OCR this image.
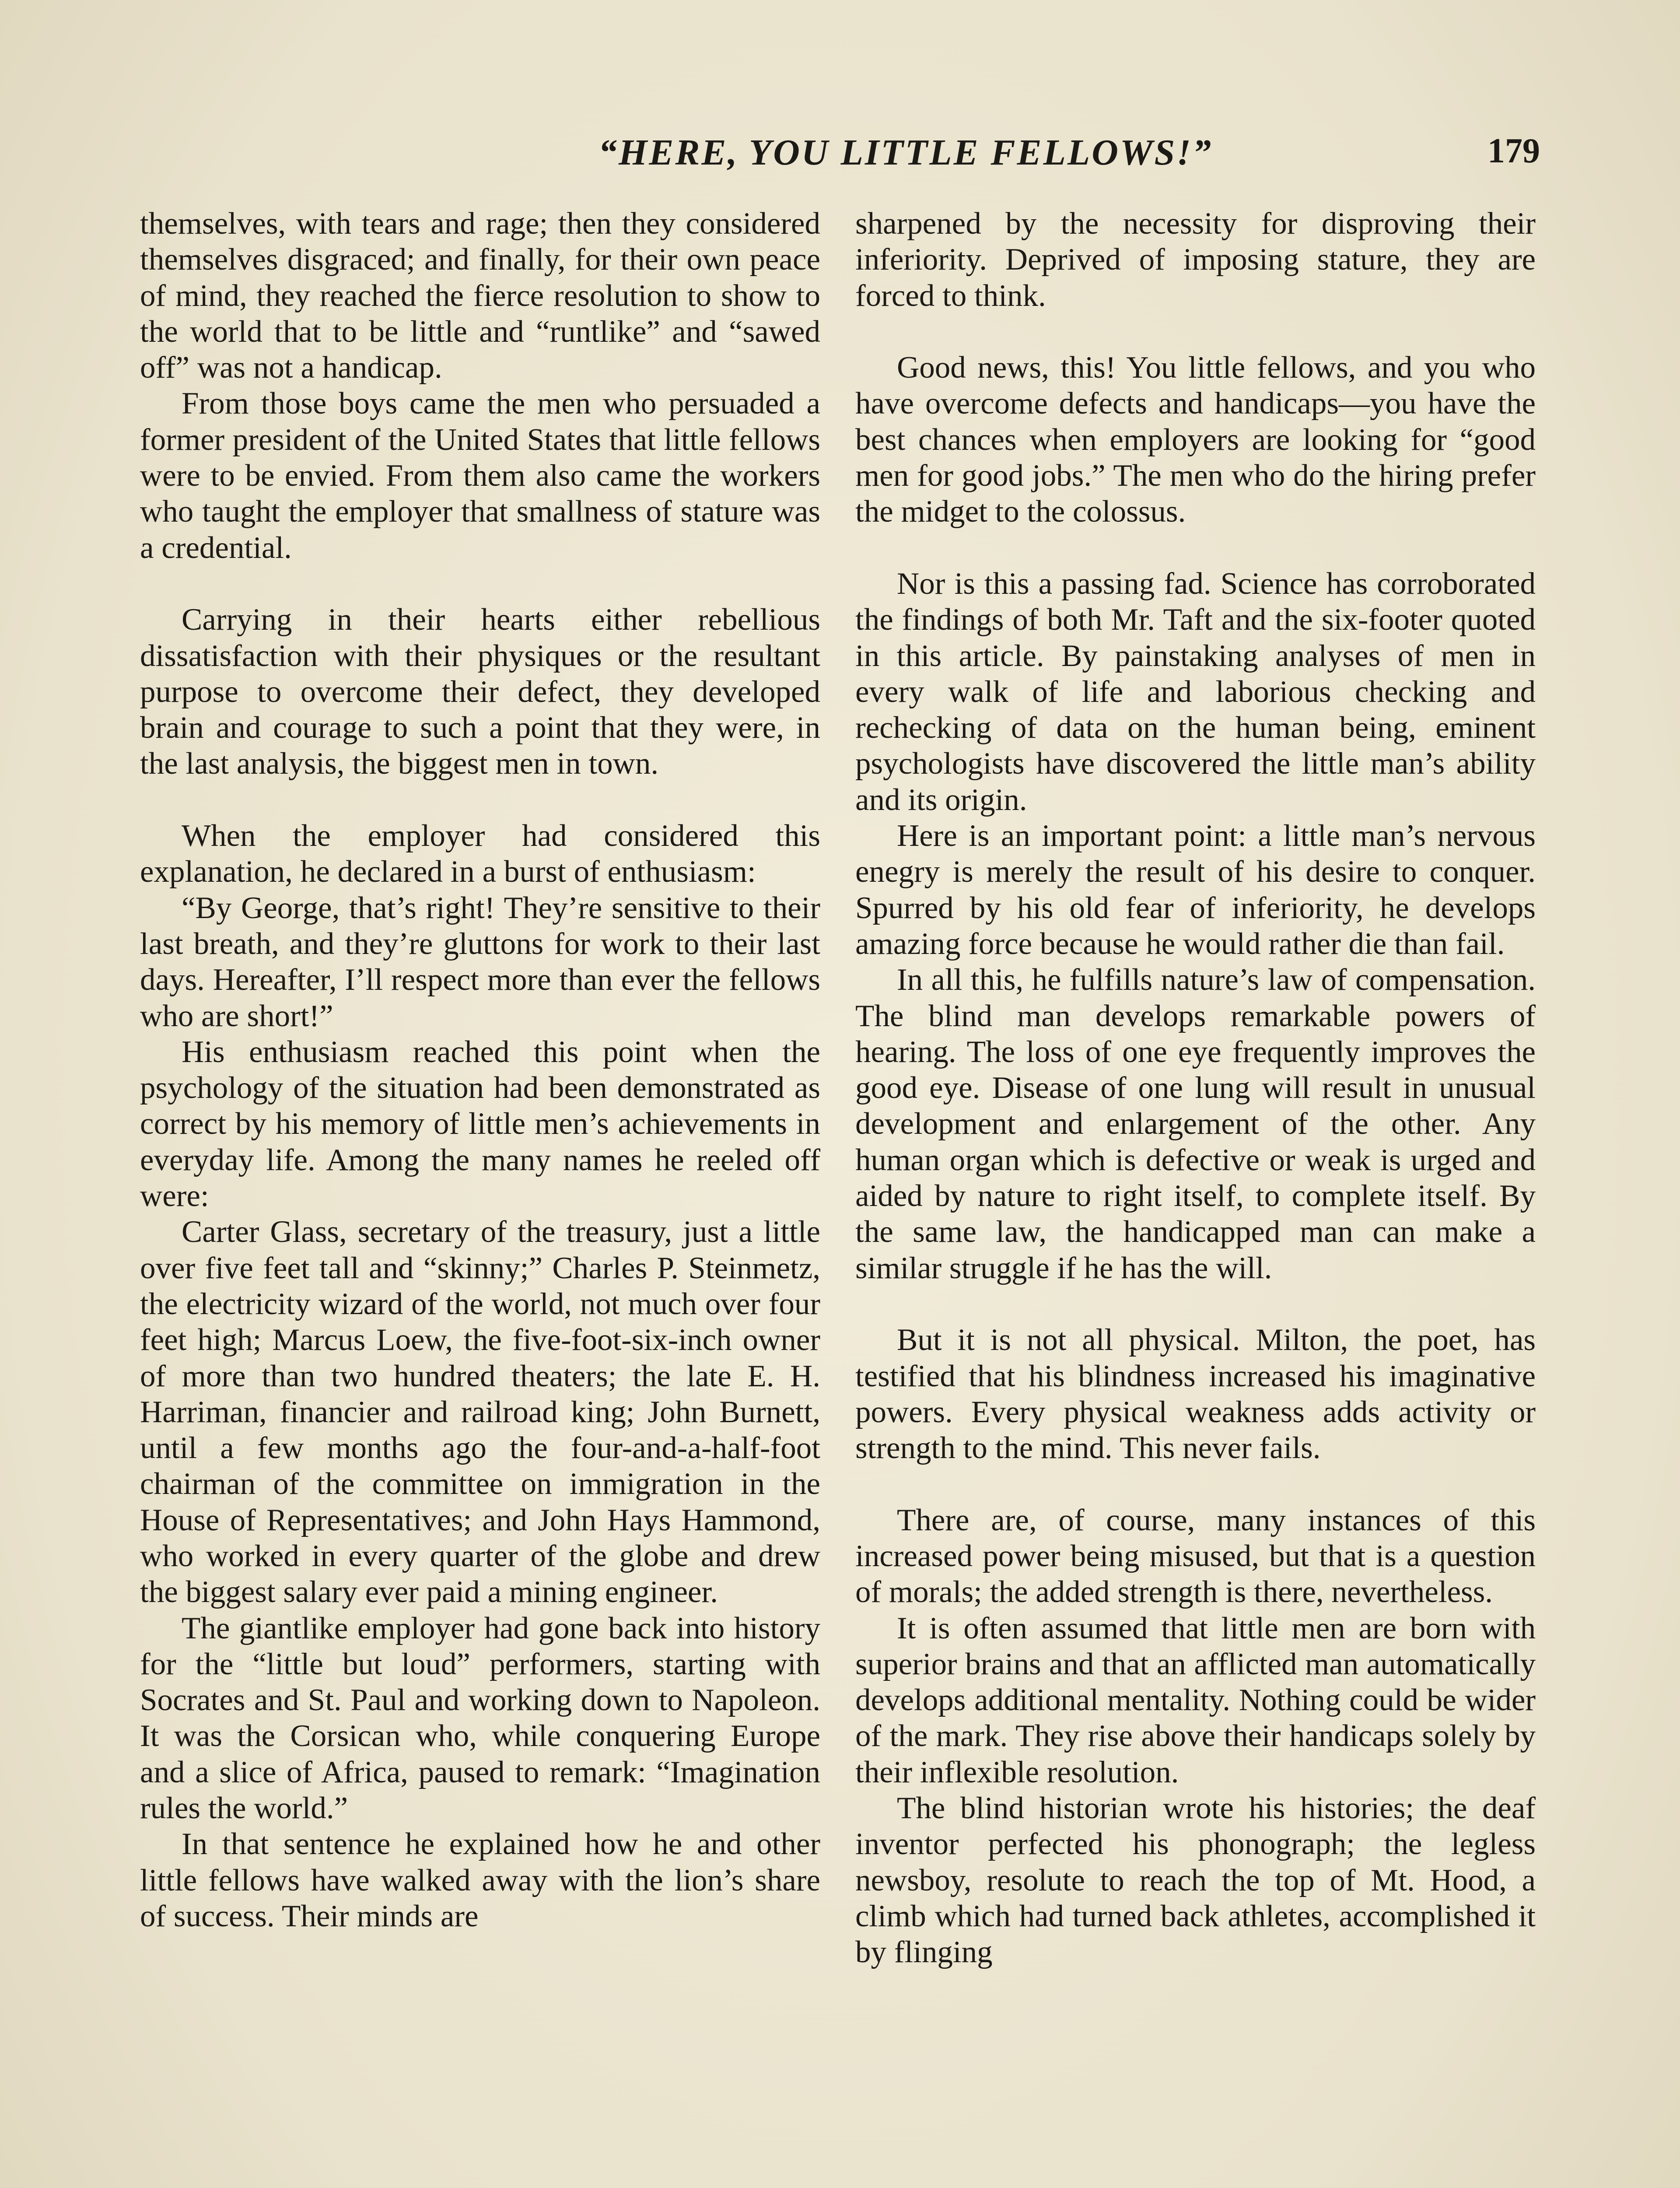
“HERE, YOU LITTLE FELLOWS!”	179

themselves, with tears and rage; then they considered themselves disgraced; and finally, for their own peace of mind, they reached the fierce resolution to show to the world that to be little and “runtlike” and “sawed off” was not a handicap.

From those boys came the men who persuaded a former president of the United States that little fellows were to be envied. From them also came the workers who taught the employer that smallness of stature was a credential.

Carrying in their hearts either rebellious dissatisfaction with their physiques or the resultant purpose to overcome their defect, they developed brain and courage to such a point that they were, in the last analysis, the biggest men in town.

When the employer had considered this explanation, he declared in a burst of enthusiasm:

“By George, that’s right! They’re sensitive to their last breath, and they’re gluttons for work to their last days. Hereafter, I’ll respect more than ever the fellows who are short!”

His enthusiasm reached this point when the psychology of the situation had been demonstrated as correct by his memory of little men’s achievements in everyday life. Among the many names he reeled off were:

Carter Glass, secretary of the treasury, just a little over five feet tall and “skinny;” Charles P. Steinmetz, the electricity wizard of the world, not much over four feet high; Marcus Loew, the five-foot-six-inch owner of more than two hundred theaters; the late E. H. Harriman, financier and railroad king; John Burnett, until a few months ago the four-and-a-half-foot chairman of the committee on immigration in the House of Representatives; and John Hays Hammond, who worked in every quarter of the globe and drew the biggest salary ever paid a mining engineer.

The giantlike employer had gone back into history for the “little but loud” performers, starting with Socrates and St. Paul and working down to Napoleon. It was the Corsican who, while conquering Europe and a slice of Africa, paused to remark: “Imagination rules the world.”

In that sentence he explained how he and other little fellows have walked away with the lion’s share of success. Their minds are

sharpened by the necessity for disproving their inferiority. Deprived of imposing stature, they are forced to think.

Good news, this! You little fellows, and you who have overcome defects and handicaps—you have the best chances when employers are looking for “good men for good jobs.” The men who do the hiring prefer the midget to the colossus.

Nor is this a passing fad. Science has corroborated the findings of both Mr. Taft and the six-footer quoted in this article. By painstaking analyses of men in every walk of life and laborious checking and rechecking of data on the human being, eminent psychologists have discovered the little man’s ability and its origin.

Here is an important point: a little man’s nervous enegry is merely the result of his desire to conquer. Spurred by his old fear of inferiority, he develops amazing force because he would rather die than fail.

In all this, he fulfills nature’s law of compensation. The blind man develops remarkable powers of hearing. The loss of one eye frequently improves the good eye. Disease of one lung will result in unusual development and enlargement of the other. Any human organ which is defective or weak is urged and aided by nature to right itself, to complete itself. By the same law, the handicapped man can make a similar struggle if he has the will.

But it is not all physical. Milton, the poet, has testified that his blindness increased his imaginative powers. Every physical weakness adds activity or strength to the mind. This never fails.

There are, of course, many instances of this increased power being misused, but that is a question of morals; the added strength is there, nevertheless.

It is often assumed that little men are born with superior brains and that an afflicted man automatically develops additional mentality. Nothing could be wider of the mark. They rise above their handicaps solely by their inflexible resolution.

The blind historian wrote his histories; the deaf inventor perfected his phonograph; the legless newsboy, resolute to reach the top of Mt. Hood, a climb which had turned back athletes, accomplished it by flinging
